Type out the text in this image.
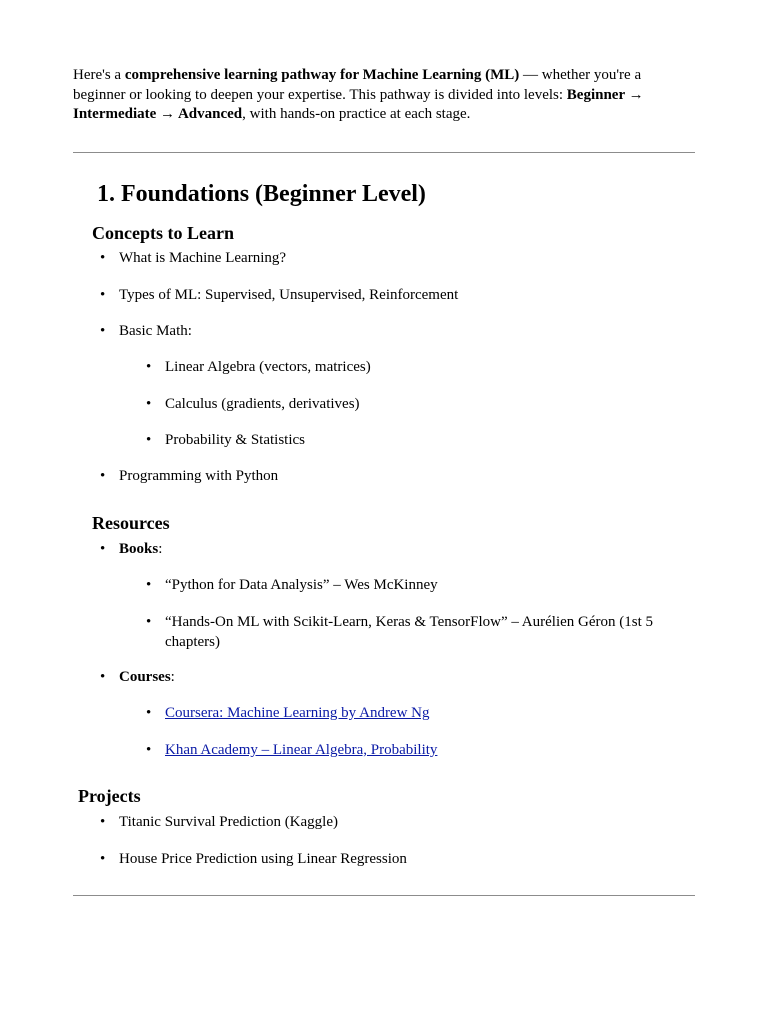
Here's a comprehensive learning pathway for Machine Learning (ML) — whether you're a beginner or looking to deepen your expertise. This pathway is divided into levels: Beginner → Intermediate → Advanced, with hands-on practice at each stage.

1. Foundations (Beginner Level)
Concepts to Learn
• What is Machine Learning?
• Types of ML: Supervised, Unsupervised, Reinforcement
• Basic Math:
• Linear Algebra (vectors, matrices)
• Calculus (gradients, derivatives)
• Probability & Statistics
• Programming with Python
Resources
• Books:
• “Python for Data Analysis” – Wes McKinney
• “Hands-On ML with Scikit-Learn, Keras & TensorFlow” – Aurélien Géron (1st 5 chapters)
• Courses:
• Coursera: Machine Learning by Andrew Ng
• Khan Academy – Linear Algebra, Probability
Projects
• Titanic Survival Prediction (Kaggle)
• House Price Prediction using Linear Regression
